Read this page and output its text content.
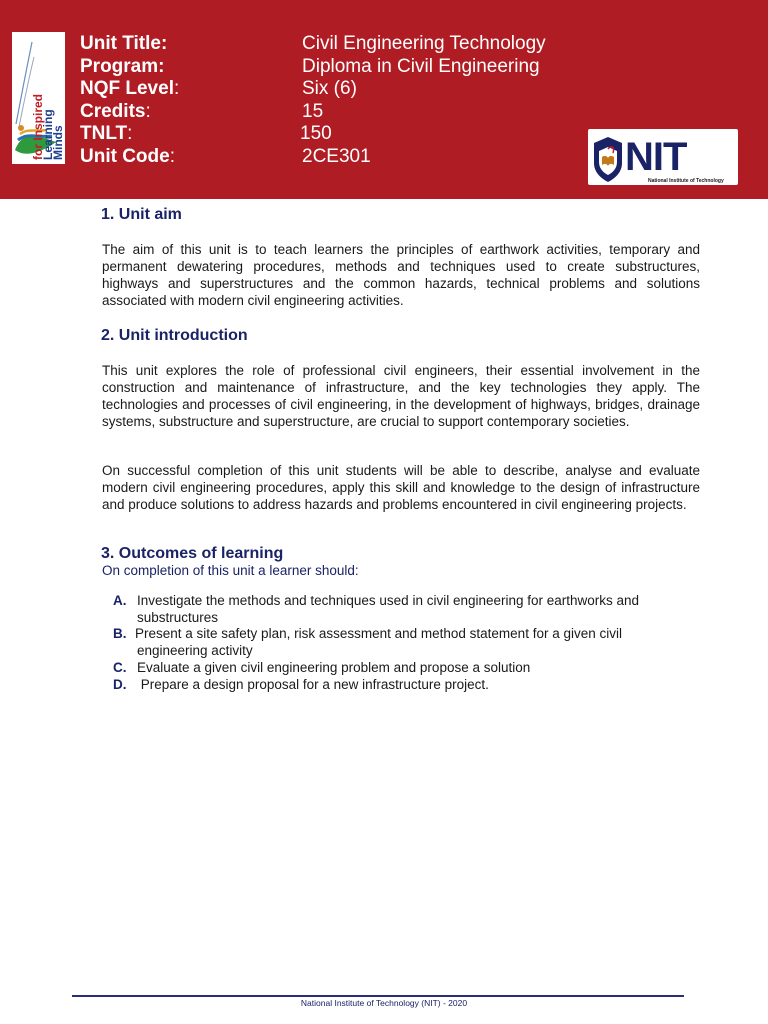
for Inspired
Learning
Minds
Unit Title:	Civil Engineering Technology
Program:	Diploma in Civil Engineering
NQF Level:	Six (6)
Credits:	15
TNLT:	150
Unit Code:	2CE301	NIT
National Institute of Technology
1. Unit aim

The aim of this unit is to teach learners the principles of earthwork activities, temporary and permanent dewatering procedures, methods and techniques used to create substructures, highways and superstructures and the common hazards, technical problems and solutions associated with modern civil engineering activities.

2. Unit introduction

This unit explores the role of professional civil engineers, their essential involvement in the construction and maintenance of infrastructure, and the key technologies they apply. The technologies and processes of civil engineering, in the development of highways, bridges, drainage systems, substructure and superstructure, are crucial to support contemporary societies.

On successful completion of this unit students will be able to describe, analyse and evaluate modern civil engineering procedures, apply this skill and knowledge to the design of infrastructure and produce solutions to address hazards and problems encountered in civil engineering projects.

3. Outcomes of learning

On completion of this unit a learner should:

A. Investigate the methods and techniques used in civil engineering for earthworks and substructures
B. Present a site safety plan, risk assessment and method statement for a given civil engineering activity
C. Evaluate a given civil engineering problem and propose a solution
D. Prepare a design proposal for a new infrastructure project.
National Institute of Technology (NIT) - 2020
